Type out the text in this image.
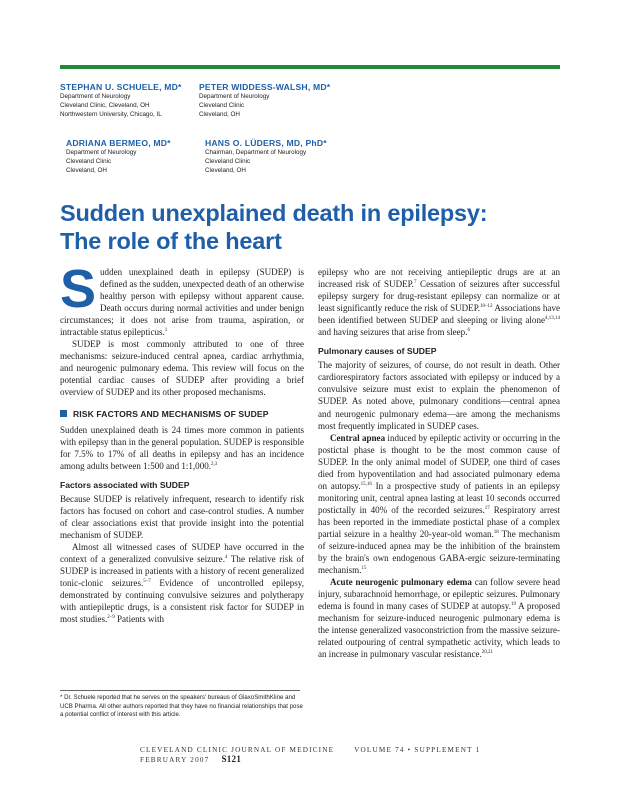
STEPHAN U. SCHUELE, MD*
Department of Neurology
Cleveland Clinic, Cleveland, OH
Northwestern University, Chicago, IL
PETER WIDDESS-WALSH, MD*
Department of Neurology
Cleveland Clinic
Cleveland, OH
ADRIANA BERMEO, MD*
Department of Neurology
Cleveland Clinic
Cleveland, OH
HANS O. LÜDERS, MD, PhD*
Chairman, Department of Neurology
Cleveland Clinic
Cleveland, OH
Sudden unexplained death in epilepsy:
The role of the heart

Sudden unexplained death in epilepsy (SUDEP) is defined as the sudden, unexpected death of an otherwise healthy person with epilepsy without apparent cause. Death occurs during normal activities and under benign circumstances; it does not arise from trauma, aspiration, or intractable status epilepticus.$^1$

SUDEP is most commonly attributed to one of three mechanisms: seizure-induced central apnea, cardiac arrhythmia, and neurogenic pulmonary edema. This review will focus on the potential cardiac causes of SUDEP after providing a brief overview of SUDEP and its other proposed mechanisms.

RISK FACTORS AND MECHANISMS OF SUDEP

Sudden unexplained death is 24 times more common in patients with epilepsy than in the general population. SUDEP is responsible for 7.5% to 17% of all deaths in epilepsy and has an incidence among adults between 1:500 and 1:1,000.$^{2,3}$

Factors associated with SUDEP

Because SUDEP is relatively infrequent, research to identify risk factors has focused on cohort and case-control studies. A number of clear associations exist that provide insight into the potential mechanism of SUDEP.

Almost all witnessed cases of SUDEP have occurred in the context of a generalized convulsive seizure.$^4$ The relative risk of SUDEP is increased in patients with a history of recent generalized tonic-clonic seizures.$^{5-7}$ Evidence of uncontrolled epilepsy, demonstrated by continuing convulsive seizures and polytherapy with antiepileptic drugs, is a consistent risk factor for SUDEP in most studies.$^{2-9}$ Patients with

epilepsy who are not receiving antiepileptic drugs are at an increased risk of SUDEP.$^7$ Cessation of seizures after successful epilepsy surgery for drug-resistant epilepsy can normalize or at least significantly reduce the risk of SUDEP.$^{10-12}$ Associations have been identified between SUDEP and sleeping or living alone$^{4,13,14}$ and having seizures that arise from sleep.$^6$

Pulmonary causes of SUDEP

The majority of seizures, of course, do not result in death. Other cardiorespiratory factors associated with epilepsy or induced by a convulsive seizure must exist to explain the phenomenon of SUDEP. As noted above, pulmonary conditions—central apnea and neurogenic pulmonary edema—are among the mechanisms most frequently implicated in SUDEP cases.

Central apnea induced by epileptic activity or occurring in the postictal phase is thought to be the most common cause of SUDEP. In the only animal model of SUDEP, one third of cases died from hypoventilation and had associated pulmonary edema on autopsy.$^{15,16}$ In a prospective study of patients in an epilepsy monitoring unit, central apnea lasting at least 10 seconds occurred postictally in 40% of the recorded seizures.$^{17}$ Respiratory arrest has been reported in the immediate postictal phase of a complex partial seizure in a healthy 20-year-old woman.$^{18}$ The mechanism of seizure-induced apnea may be the inhibition of the brainstem by the brain's own endogenous GABA-ergic seizure-terminating mechanism.$^{15}$

Acute neurogenic pulmonary edema can follow severe head injury, subarachnoid hemorrhage, or epileptic seizures. Pulmonary edema is found in many cases of SUDEP at autopsy.$^{19}$ A proposed mechanism for seizure-induced neurogenic pulmonary edema is the intense generalized vasoconstriction from the massive seizure-related outpouring of central sympathetic activity, which leads to an increase in pulmonary vascular resistance.$^{20,21}$

* Dr. Schuele reported that he serves on the speakers' bureaus of GlaxoSmithKline and UCB Pharma. All other authors reported that they have no financial relationships that pose a potential conflict of interest with this article.
CLEVELAND CLINIC JOURNAL OF MEDICINE	VOLUME 74 • SUPPLEMENT 1  FEBRUARY 2007 S121
